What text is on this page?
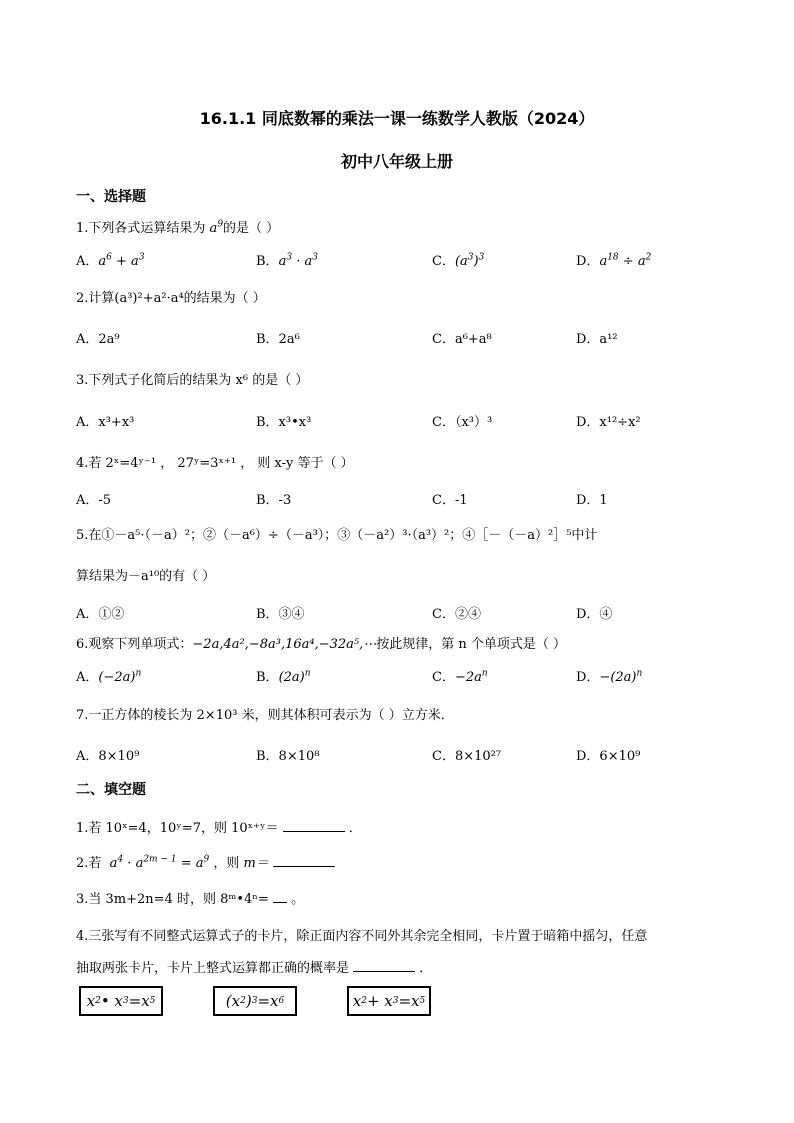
16.1.1 同底数幂的乘法一课一练数学人教版（2024）
初中八年级上册
一、选择题
1.下列各式运算结果为 $a^9$的是（ ）
A．$a^6 + a^3$	B．$a^3 \cdot a^3$	C．$(a^3)^3$	D．$a^{18} \div a^2$
2.计算(a³)²+a²·a⁴的结果为（ ）
A．2a⁹	B．2a⁶	C．a⁶+a⁸	D．a¹²
3.下列式子化简后的结果为 x⁶ 的是（ ）
A．x³+x³	B．x³•x³	C．（x³）³	D．x¹²÷x²
4.若 2ˣ=4ʸ⁻¹ ， 27ʸ=3ˣ⁺¹ ， 则 x-y 等于（ ）
A．-5	B．-3	C．-1	D．1
5.在①－a⁵·（－a）²；②（－a⁶）÷（－a³）；③（－a²）³·（a³）²；④［－（－a）²］⁵中计
算结果为－a¹⁰的有（ ）
A．①②	B．③④	C．②④	D．④
6.观察下列单项式：−2a,4a²,−8a³,16a⁴,−32a⁵,⋯按此规律，第 n 个单项式是（ ）
A．$(-2a)^n$	B．$(2a)^n$	C．$-2a^n$	D．$-(2a)^n$
7.一正方体的棱长为 2×10³ 米，则其体积可表示为（ ）立方米．
A．8×10⁹	B．8×10⁸	C．8×10²⁷	D．6×10⁹
二、填空题
1.若 10ˣ=4，10ʸ=7，则 10ˣ⁺ʸ＝	．
2.若  $a^4 \cdot a^{2m - 1} = a^9$ ，则 m＝
3.当 3m+2n=4 时，则 8ᵐ•4ⁿ= 。
4.三张写有不同整式运算式子的卡片，除正面内容不同外其余完全相同，卡片置于暗箱中摇匀，任意
抽取两张卡片，卡片上整式运算都正确的概率是	．
x 2 • x 3 =x 5	(x 2 ) 3 =x 6	x 2 + x 3 =x 5
